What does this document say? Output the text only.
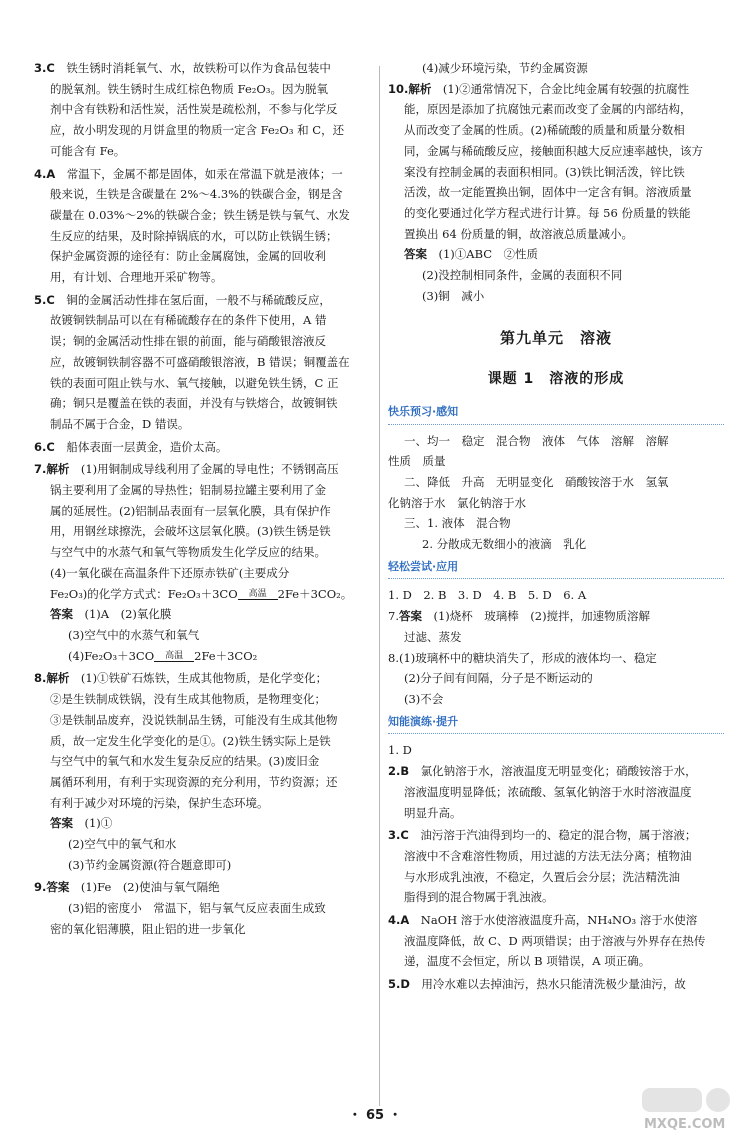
3.C　 铁生锈时消耗氧气、水，故铁粉可以作为食品包装中

的脱氧剂。铁生锈时生成红棕色物质 Fe₂O₃。因为脱氧

剂中含有铁粉和活性炭，活性炭是疏松剂，不参与化学反

应，故小明发现的月饼盒里的物质一定含 Fe₂O₃ 和 C，还

可能含有 Fe。

4.A　 常温下，金属不都是固体，如汞在常温下就是液体；一

般来说，生铁是含碳量在 2%～4.3%的铁碳合金，钢是含

碳量在 0.03%～2%的铁碳合金；铁生锈是铁与氧气、水发

生反应的结果，及时除掉锅底的水，可以防止铁锅生锈；

保护金属资源的途径有：防止金属腐蚀，金属的回收利

用，有计划、合理地开采矿物等。

5.C　 铜的金属活动性排在氢后面，一般不与稀硫酸反应，

故镀铜铁制品可以在有稀硫酸存在的条件下使用，A 错

误；铜的金属活动性排在银的前面，能与硝酸银溶液反

应，故镀铜铁制容器不可盛硝酸银溶液，B 错误；铜覆盖在

铁的表面可阻止铁与水、氧气接触，以避免铁生锈，C 正

确；铜只是覆盖在铁的表面，并没有与铁熔合，故镀铜铁

制品不属于合金，D 错误。

6.C　 船体表面一层黄金，造价太高。

7.解析　 (1)用铜制成导线利用了金属的导电性；不锈钢高压

锅主要利用了金属的导热性；铝制易拉罐主要利用了金

属的延展性。(2)铝制品表面有一层氧化膜，具有保护作

用，用钢丝球擦洗，会破坏这层氧化膜。(3)铁生锈是铁

与空气中的水蒸气和氧气等物质发生化学反应的结果。

(4)一氧化碳在高温条件下还原赤铁矿(主要成分

Fe₂O₃)的化学方式式：Fe₂O₃＋3CO	高温 2Fe＋3CO₂。

答案　 (1)A　(2)氧化膜

(3)空气中的水蒸气和氧气

(4)Fe₂O₃＋3CO	高温 2Fe＋3CO₂

8.解析　 (1)①铁矿石炼铁，生成其他物质，是化学变化；

②是生铁制成铁锅，没有生成其他物质，是物理变化；

③是铁制品废弃，没说铁制品生锈，可能没有生成其他物

质，故一定发生化学变化的是①。(2)铁生锈实际上是铁

与空气中的氧气和水发生复杂反应的结果。(3)废旧金

属循环利用，有利于实现资源的充分利用，节约资源；还

有利于减少对环境的污染，保护生态环境。

答案　 (1)①

(2)空气中的氧气和水

(3)节约金属资源(符合题意即可)

9.答案　 (1)Fe　(2)使油与氧气隔绝

(3)铝的密度小　常温下，铝与氧气反应表面生成致

密的氧化铝薄膜，阻止铝的进一步氧化

(4)减少环境污染，节约金属资源

10.解析　 (1)②通常情况下，合金比纯金属有较强的抗腐性

能，原因是添加了抗腐蚀元素而改变了金属的内部结构，

从而改变了金属的性质。(2)稀硫酸的质量和质量分数相

同，金属与稀硫酸反应，接触面积越大反应速率越快，该方

案没有控制金属的表面积相同。(3)铁比铜活泼，锌比铁

活泼，故一定能置换出铜，固体中一定含有铜。溶液质量

的变化要通过化学方程式进行计算。每 56 份质量的铁能

置换出 64 份质量的铜，故溶液总质量减小。

答案　 (1)①ABC　②性质

(2)没控制相同条件，金属的表面积不同

(3)铜　减小

第九单元　溶液
课题 1　溶液的形成
快乐预习·感知

一、均一　稳定　混合物　液体　气体　溶解　溶解

性质　质量

二、降低　升高　无明显变化　硝酸铵溶于水　氢氧

化钠溶于水　氯化钠溶于水

三、1. 液体　混合物

2. 分散成无数细小的液滴　乳化

轻松尝试·应用

1. D　2. B　3. D　4. B　5. D　6. A

7.答案　 (1)烧杯　玻璃棒　(2)搅拌，加速物质溶解

过滤、蒸发

8.(1)玻璃杯中的糖块消失了，形成的液体均一、稳定

(2)分子间有间隔，分子是不断运动的

(3)不会

知能演练·提升

1. D

2.B　 氯化钠溶于水，溶液温度无明显变化；硝酸铵溶于水，

溶液温度明显降低；浓硫酸、氢氧化钠溶于水时溶液温度

明显升高。

3.C　 油污溶于汽油得到均一的、稳定的混合物，属于溶液；

溶液中不含难溶性物质，用过滤的方法无法分离；植物油

与水形成乳浊液，不稳定，久置后会分层；洗洁精洗油

脂得到的混合物属于乳浊液。

4.A　 NaOH 溶于水使溶液温度升高，NH₄NO₃ 溶于水使溶

液温度降低，故 C、D 两项错误；由于溶液与外界存在热传

递，温度不会恒定，所以 B 项错误，A 项正确。

5.D　 用冷水难以去掉油污，热水只能清洗极少量油污，故

・ 65 ・
MXQE.COM
